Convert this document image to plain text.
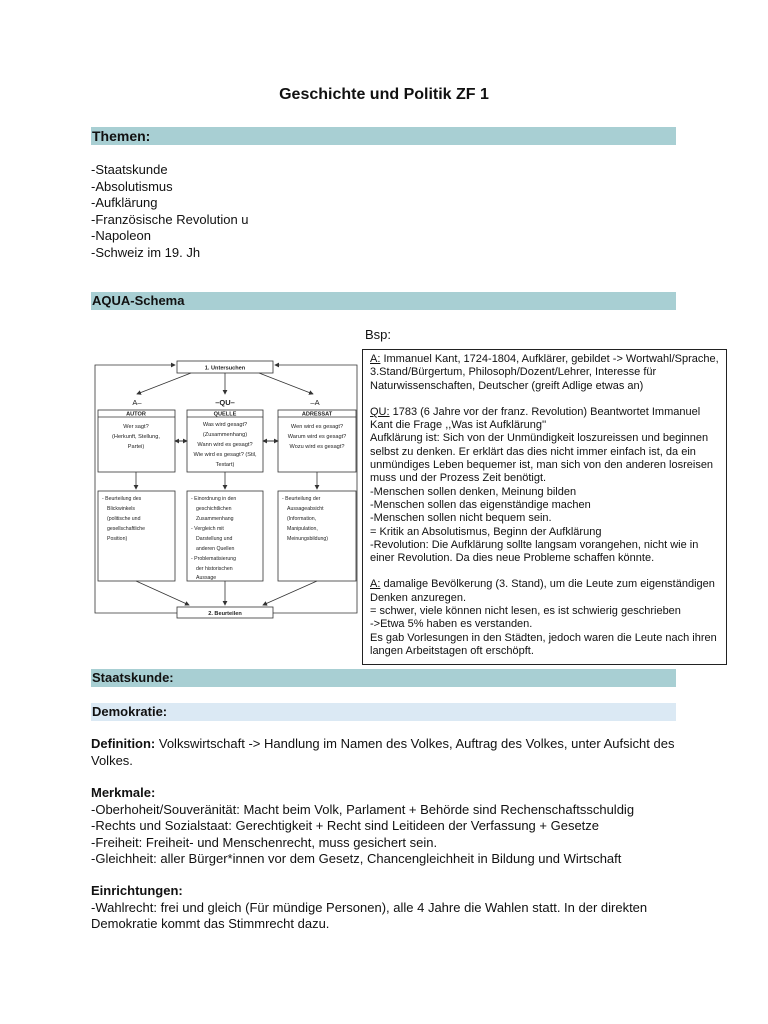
Geschichte und Politik ZF 1
Themen:
-Staatskunde
-Absolutismus
-Aufklärung
-Französische Revolution u
-Napoleon
-Schweiz im 19. Jh
AQUA-Schema
Bsp:
1. Untersuchen
A–	–QU–	–A
AUTOR	QUELLE	ADRESSAT
Wer sagt?
(Herkunft, Stellung,
Partei)
Was wird gesagt?
(Zusammenhang)
Wann wird es gesagt?
Wie wird es gesagt? (Stil,
Textart)
Wen wird es gesagt?
Warum wird es gesagt?
Wozu wird es gesagt?
- Beurteilung des
Blickwinkels
(politische und
gesellschaftliche
Position)
- Einordnung in den
geschichtlichen
Zusammenhang
- Vergleich mit
Darstellung und
anderen Quellen
- Problematisierung
der historischen
Aussage
- Beurteilung der
Aussageabsicht
(Information,
Manipulation,
Meinungsbildung)
2. Beurteilen

A: Immanuel Kant, 1724-1804, Aufklärer, gebildet -> Wortwahl/Sprache, 3.Stand/Bürgertum, Philosoph/Dozent/Lehrer, Interesse für Naturwissenschaften, Deutscher (greift Adlige etwas an)

QU: 1783 (6 Jahre vor der franz. Revolution) Beantwortet Immanuel Kant die Frage ,,Was ist Aufklärung''

Aufklärung ist: Sich von der Unmündigkeit loszureissen und beginnen selbst zu denken. Er erklärt das dies nicht immer einfach ist, da ein unmündiges Leben bequemer ist, man sich von den anderen losreisen muss und der Prozess Zeit benötigt.

-Menschen sollen denken, Meinung bilden

-Menschen sollen das eigenständige machen

-Menschen sollen nicht bequem sein.

= Kritik an Absolutismus, Beginn der Aufklärung

-Revolution: Die Aufklärung sollte langsam vorangehen, nicht wie in einer Revolution. Da dies neue Probleme schaffen könnte.

A: damalige Bevölkerung (3. Stand), um die Leute zum eigenständigen Denken anzuregen.

= schwer, viele können nicht lesen, es ist schwierig geschrieben

->Etwa 5% haben es verstanden.

Es gab Vorlesungen in den Städten, jedoch waren die Leute nach ihren langen Arbeitstagen oft erschöpft.

Staatskunde:
Demokratie:
Definition: Volkswirtschaft -> Handlung im Namen des Volkes, Auftrag des Volkes, unter Aufsicht des Volkes.
Merkmale:
-Oberhoheit/Souveränität: Macht beim Volk, Parlament + Behörde sind Rechenschaftsschuldig
-Rechts und Sozialstaat: Gerechtigkeit + Recht sind Leitideen der Verfassung + Gesetze
-Freiheit: Freiheit- und Menschenrecht, muss gesichert sein.
-Gleichheit: aller Bürger*innen vor dem Gesetz, Chancengleichheit in Bildung und Wirtschaft
Einrichtungen:
-Wahlrecht: frei und gleich (Für mündige Personen), alle 4 Jahre die Wahlen statt. In der direkten Demokratie kommt das Stimmrecht dazu.
